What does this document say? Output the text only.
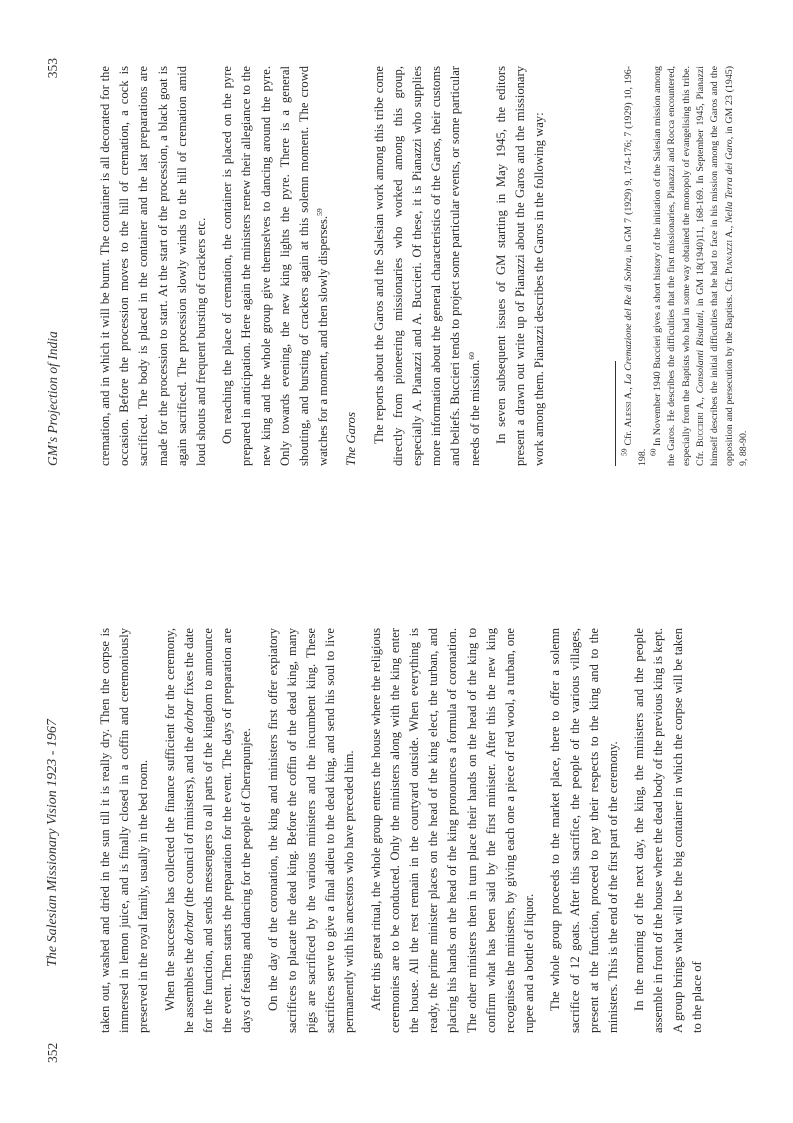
352
The Salesian Missionary Vision 1923 - 1967	taken out, washed and dried in the sun till it is really dry. Then the corpse is immersed in lemon juice, and is finally closed in a coffin and ceremoniously preserved in the royal family, usually in the bed room. When the successor has collected the finance sufficient for the ceremony, he assembles the dorbar (the council of ministers), and the dorbar fixes the date for the function, and sends messengers to all parts of the kingdom to announce the event. Then starts the preparation for the event. The days of preparation are days of feasting and dancing for the people of Cherrapunjee. On the day of the coronation, the king and ministers first offer expiatory sacrifices to placate the dead king. Before the coffin of the dead king, many pigs are sacrificed by the various ministers and the incumbent king. These sacrifices serve to give a final adieu to the dead king, and send his soul to live permanently with his ancestors who have preceded him. After this great ritual, the whole group enters the house where the religious ceremonies are to be conducted. Only the ministers along with the king enter the house. All the rest remain in the courtyard outside. When everything is ready, the prime minister places on the head of the king elect, the turban, and placing his hands on the head of the king pronounces a formula of coronation. The other ministers then in turn place their hands on the head of the king to confirm what has been said by the first minister. After this the new king recognises the ministers, by giving each one a piece of red wool, a turban, one rupee and a bottle of liquor. The whole group proceeds to the market place, there to offer a solemn sacrifice of 12 goats. After this sacrifice, the people of the various villages, present at the function, proceed to pay their respects to the king and to the ministers. This is the end of the first part of the ceremony. In the morning of the next day, the king, the ministers and the people assemble in front of the house where the dead body of the previous king is kept. A group brings what will be the big container in which the corpse will be taken to the place of

GM's Projection of India
353	cremation, and in which it will be burnt. The container is all decorated for the occasion. Before the procession moves to the hill of cremation, a cock is sacrificed. The body is placed in the container and the last preparations are made for the procession to start. At the start of the procession, a black goat is again sacrificed. The procession slowly winds to the hill of cremation amid loud shouts and frequent bursting of crackers etc. On reaching the place of cremation, the container is placed on the pyre prepared in anticipation. Here again the ministers renew their allegiance to the new king and the whole group give themselves to dancing around the pyre. Only towards evening, the new king lights the pyre. There is a general shouting, and bursting of crackers again at this solemn moment. The crowd watches for a moment, and then slowly disperses.$^{59}$

The Garos The reports about the Garos and the Salesian work among this tribe come directly from pioneering missionaries who worked among this group, especially A. Pianazzi and A. Buccieri. Of these, it is Pianazzi who supplies more information about the general characteristics of the Garos, their customs and beliefs. Buccieri tends to project some particular events, or some particular needs of the mission.$^{60}$	In seven subsequent issues of GM starting in May 1945, the editors present a drawn out write up of Pianazzi about the Garos and the missionary work among them. Pianazzi describes the Garos in the following way:	$^{59}$ Cfr. Alessi A., La Cremazione del Re di Sohra, in GM 7 (1929) 9, 174-176; 7 (1929) 10, 196-198. $^{60}$ In November 1940 Buccieri gives a short history of the initiation of the Salesian mission among the Garos. He describes the difficulties that the first missionaries, Pianazzi and Rocca encountered, especially from the Baptists who had in some way obtained the monopoly of evangelising this tribe. Cfr. Buccieri A., Consolanti Risultati, in GM 18(1940)11, 168-169. In September 1945, Pianazzi himself describes the initial difficulties that he had to face in his mission among the Garos and the opposition and persecution by the Baptists. Cfr. Pianazzi A., Nella Terra dei Garo, in GM 23 (1945) 9, 88-90.
